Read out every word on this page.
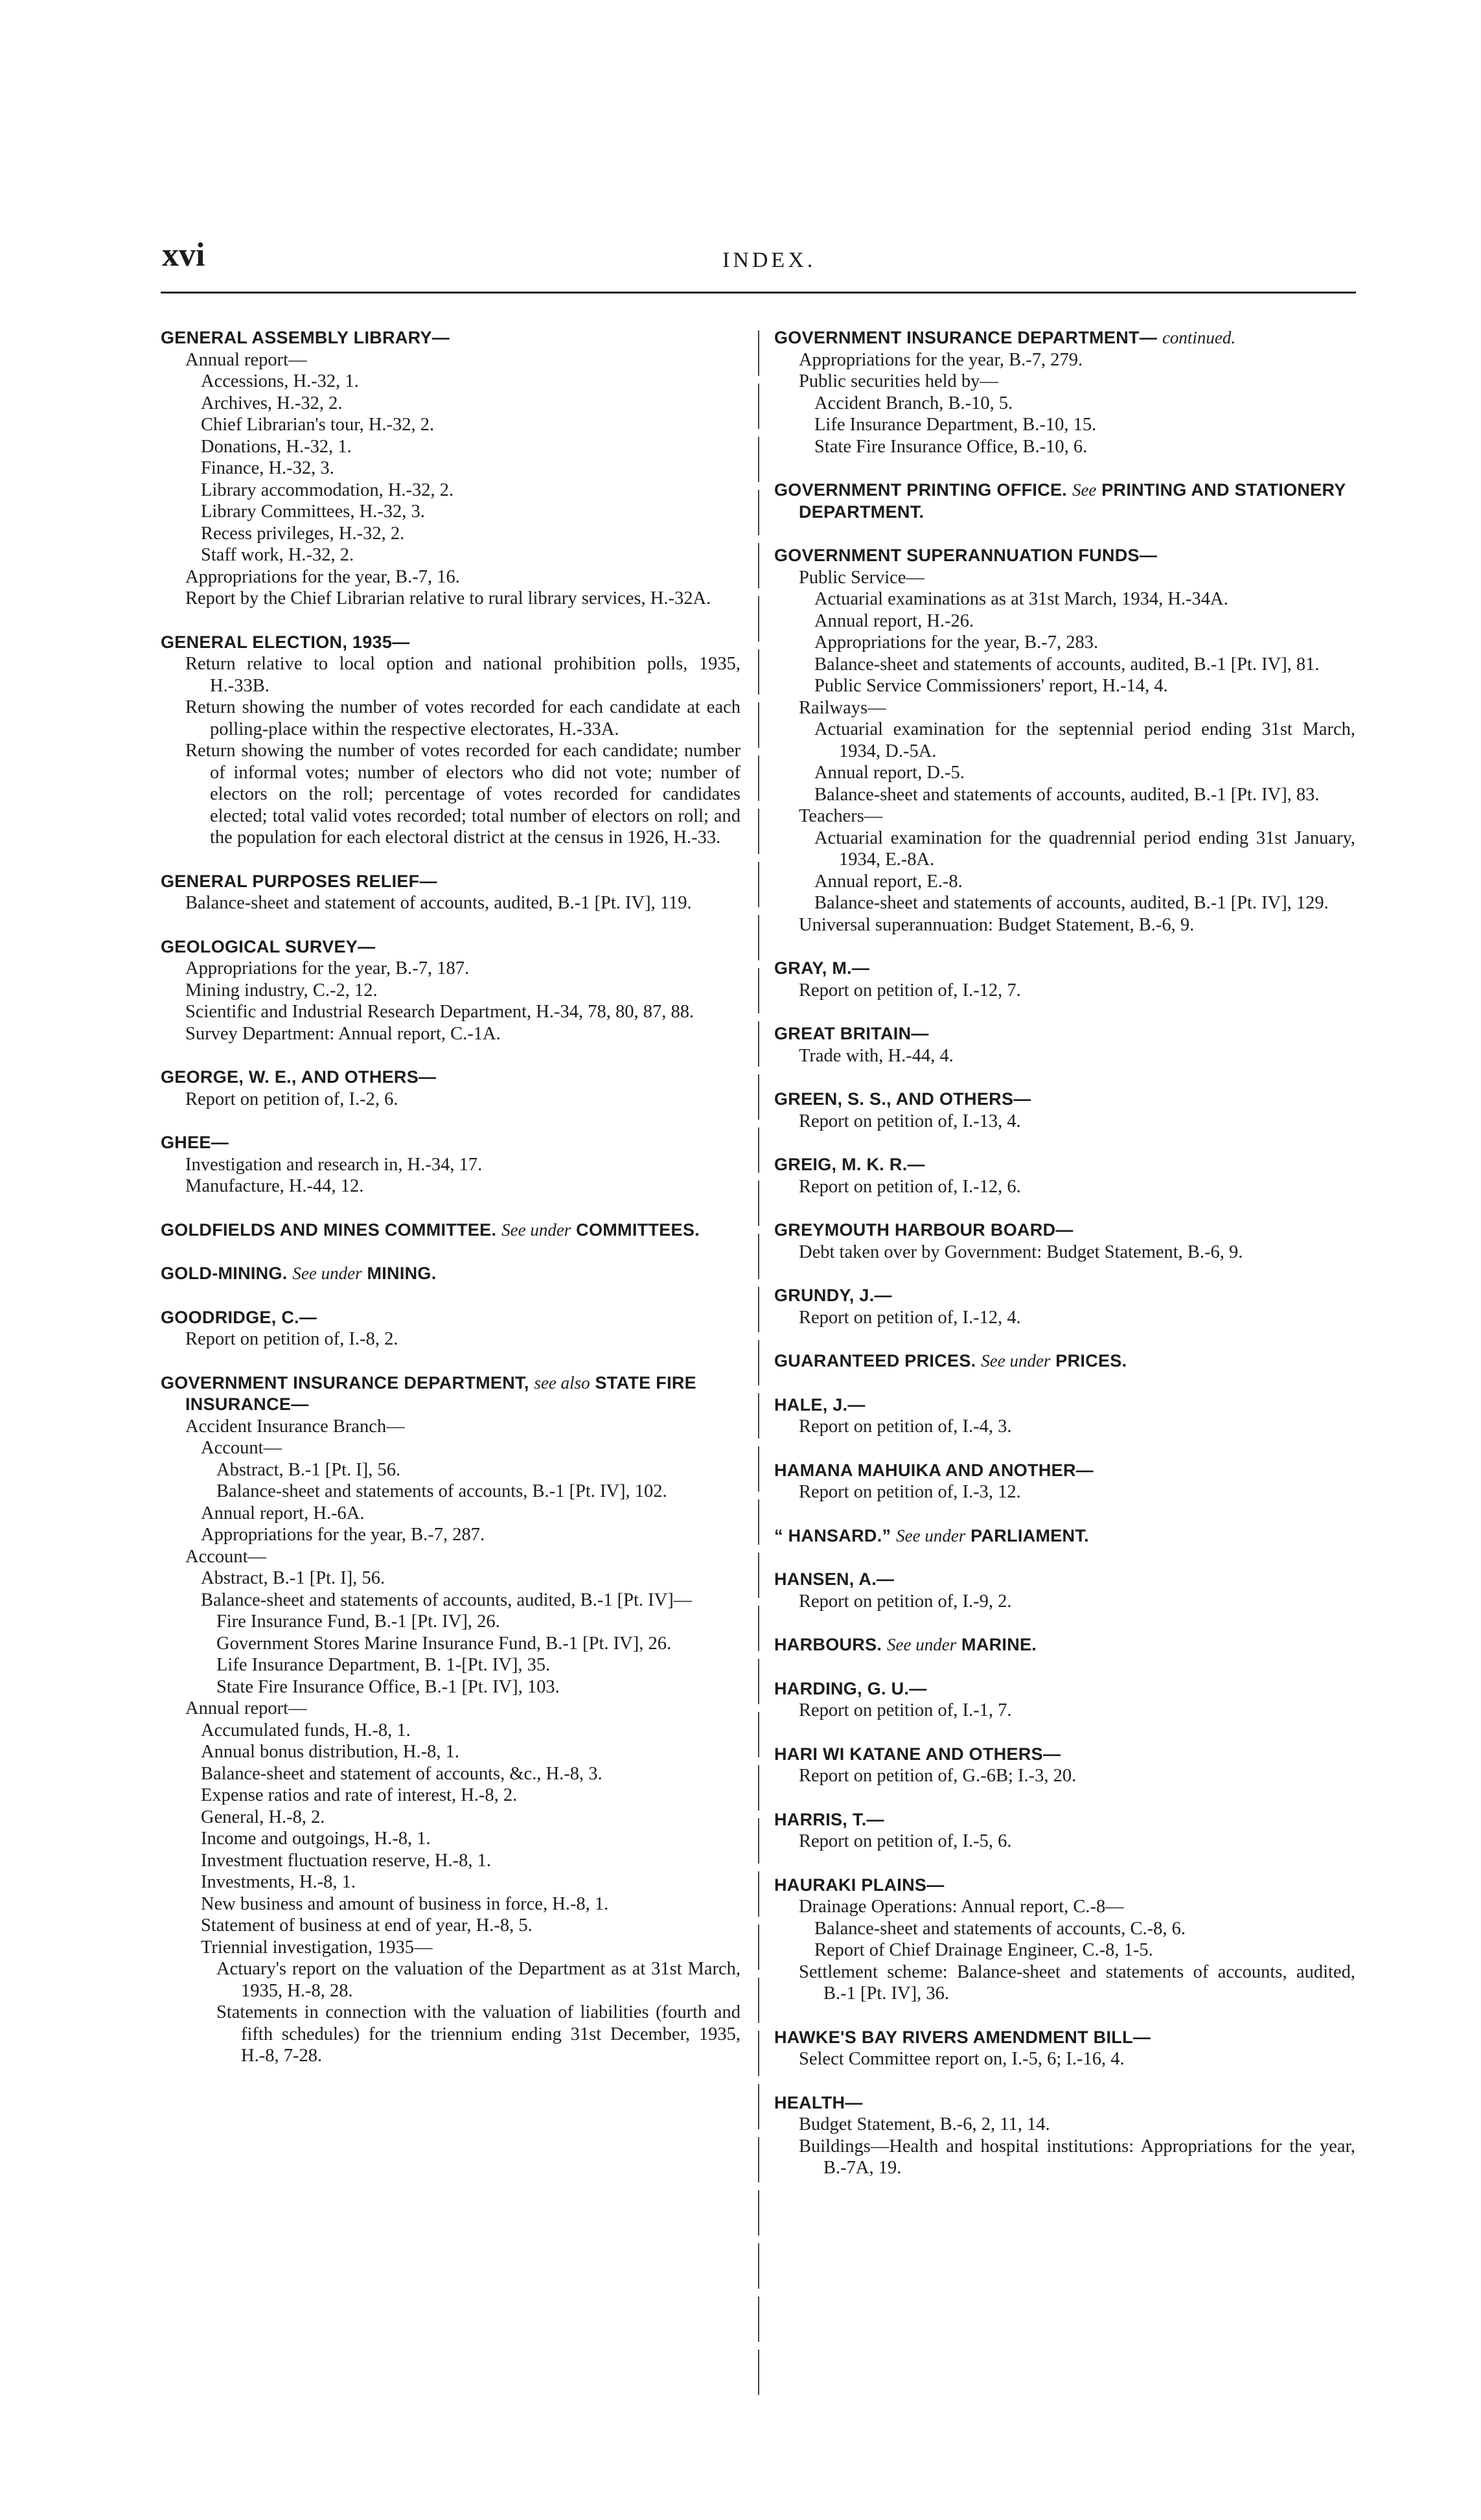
xvi	INDEX.
GENERAL ASSEMBLY LIBRARY—
Annual report—
Accessions, H.-32, 1.
Archives, H.-32, 2.
Chief Librarian's tour, H.-32, 2.
Donations, H.-32, 1.
Finance, H.-32, 3.
Library accommodation, H.-32, 2.
Library Committees, H.-32, 3.
Recess privileges, H.-32, 2.
Staff work, H.-32, 2.
Appropriations for the year, B.-7, 16.
Report by the Chief Librarian relative to rural library services, H.-32A.
GENERAL ELECTION, 1935—
Return relative to local option and national prohibition polls, 1935, H.-33B.
Return showing the number of votes recorded for each candidate at each polling-place within the respective electorates, H.-33A.
Return showing the number of votes recorded for each candidate; number of informal votes; number of electors who did not vote; number of electors on the roll; percentage of votes recorded for candidates elected; total valid votes recorded; total number of electors on roll; and the population for each electoral district at the census in 1926, H.-33.
GENERAL PURPOSES RELIEF—
Balance-sheet and statement of accounts, audited, B.-1 [Pt. IV], 119.
GEOLOGICAL SURVEY—
Appropriations for the year, B.-7, 187.
Mining industry, C.-2, 12.
Scientific and Industrial Research Department, H.-34, 78, 80, 87, 88.
Survey Department: Annual report, C.-1A.
GEORGE, W. E., AND OTHERS—
Report on petition of, I.-2, 6.
GHEE—
Investigation and research in, H.-34, 17.
Manufacture, H.-44, 12.
GOLDFIELDS AND MINES COMMITTEE. See under COMMITTEES.
GOLD-MINING. See under MINING.
GOODRIDGE, C.—
Report on petition of, I.-8, 2.
GOVERNMENT INSURANCE DEPARTMENT, see also STATE FIRE INSURANCE—
Accident Insurance Branch—
Account—
Abstract, B.-1 [Pt. I], 56.
Balance-sheet and statements of accounts, B.-1 [Pt. IV], 102.
Annual report, H.-6A.
Appropriations for the year, B.-7, 287.
Account—
Abstract, B.-1 [Pt. I], 56.
Balance-sheet and statements of accounts, audited, B.-1 [Pt. IV]—
Fire Insurance Fund, B.-1 [Pt. IV], 26.
Government Stores Marine Insurance Fund, B.-1 [Pt. IV], 26.
Life Insurance Department, B. 1-[Pt. IV], 35.
State Fire Insurance Office, B.-1 [Pt. IV], 103.
Annual report—
Accumulated funds, H.-8, 1.
Annual bonus distribution, H.-8, 1.
Balance-sheet and statement of accounts, &c., H.-8, 3.
Expense ratios and rate of interest, H.-8, 2.
General, H.-8, 2.
Income and outgoings, H.-8, 1.
Investment fluctuation reserve, H.-8, 1.
Investments, H.-8, 1.
New business and amount of business in force, H.-8, 1.
Statement of business at end of year, H.-8, 5.
Triennial investigation, 1935—
Actuary's report on the valuation of the Department as at 31st March, 1935, H.-8, 28.
Statements in connection with the valuation of liabilities (fourth and fifth schedules) for the triennium ending 31st December, 1935, H.-8, 7-28.
GOVERNMENT INSURANCE DEPARTMENT— continued.
Appropriations for the year, B.-7, 279.
Public securities held by—
Accident Branch, B.-10, 5.
Life Insurance Department, B.-10, 15.
State Fire Insurance Office, B.-10, 6.
GOVERNMENT PRINTING OFFICE. See PRINTING AND STATIONERY DEPARTMENT.
GOVERNMENT SUPERANNUATION FUNDS—
Public Service—
Actuarial examinations as at 31st March, 1934, H.-34A.
Annual report, H.-26.
Appropriations for the year, B.-7, 283.
Balance-sheet and statements of accounts, audited, B.-1 [Pt. IV], 81.
Public Service Commissioners' report, H.-14, 4.
Railways—
Actuarial examination for the septennial period ending 31st March, 1934, D.-5A.
Annual report, D.-5.
Balance-sheet and statements of accounts, audited, B.-1 [Pt. IV], 83.
Teachers—
Actuarial examination for the quadrennial period ending 31st January, 1934, E.-8A.
Annual report, E.-8.
Balance-sheet and statements of accounts, audited, B.-1 [Pt. IV], 129.
Universal superannuation: Budget Statement, B.-6, 9.
GRAY, M.—
Report on petition of, I.-12, 7.
GREAT BRITAIN—
Trade with, H.-44, 4.
GREEN, S. S., AND OTHERS—
Report on petition of, I.-13, 4.
GREIG, M. K. R.—
Report on petition of, I.-12, 6.
GREYMOUTH HARBOUR BOARD—
Debt taken over by Government: Budget Statement, B.-6, 9.
GRUNDY, J.—
Report on petition of, I.-12, 4.
GUARANTEED PRICES. See under PRICES.
HALE, J.—
Report on petition of, I.-4, 3.
HAMANA MAHUIKA AND ANOTHER—
Report on petition of, I.-3, 12.
“ HANSARD.” See under PARLIAMENT.
HANSEN, A.—
Report on petition of, I.-9, 2.
HARBOURS. See under MARINE.
HARDING, G. U.—
Report on petition of, I.-1, 7.
HARI WI KATANE AND OTHERS—
Report on petition of, G.-6B; I.-3, 20.
HARRIS, T.—
Report on petition of, I.-5, 6.
HAURAKI PLAINS—
Drainage Operations: Annual report, C.-8—
Balance-sheet and statements of accounts, C.-8, 6.
Report of Chief Drainage Engineer, C.-8, 1-5.
Settlement scheme: Balance-sheet and statements of accounts, audited, B.-1 [Pt. IV], 36.
HAWKE'S BAY RIVERS AMENDMENT BILL—
Select Committee report on, I.-5, 6; I.-16, 4.
HEALTH—
Budget Statement, B.-6, 2, 11, 14.
Buildings—Health and hospital institutions: Appropriations for the year, B.-7A, 19.
